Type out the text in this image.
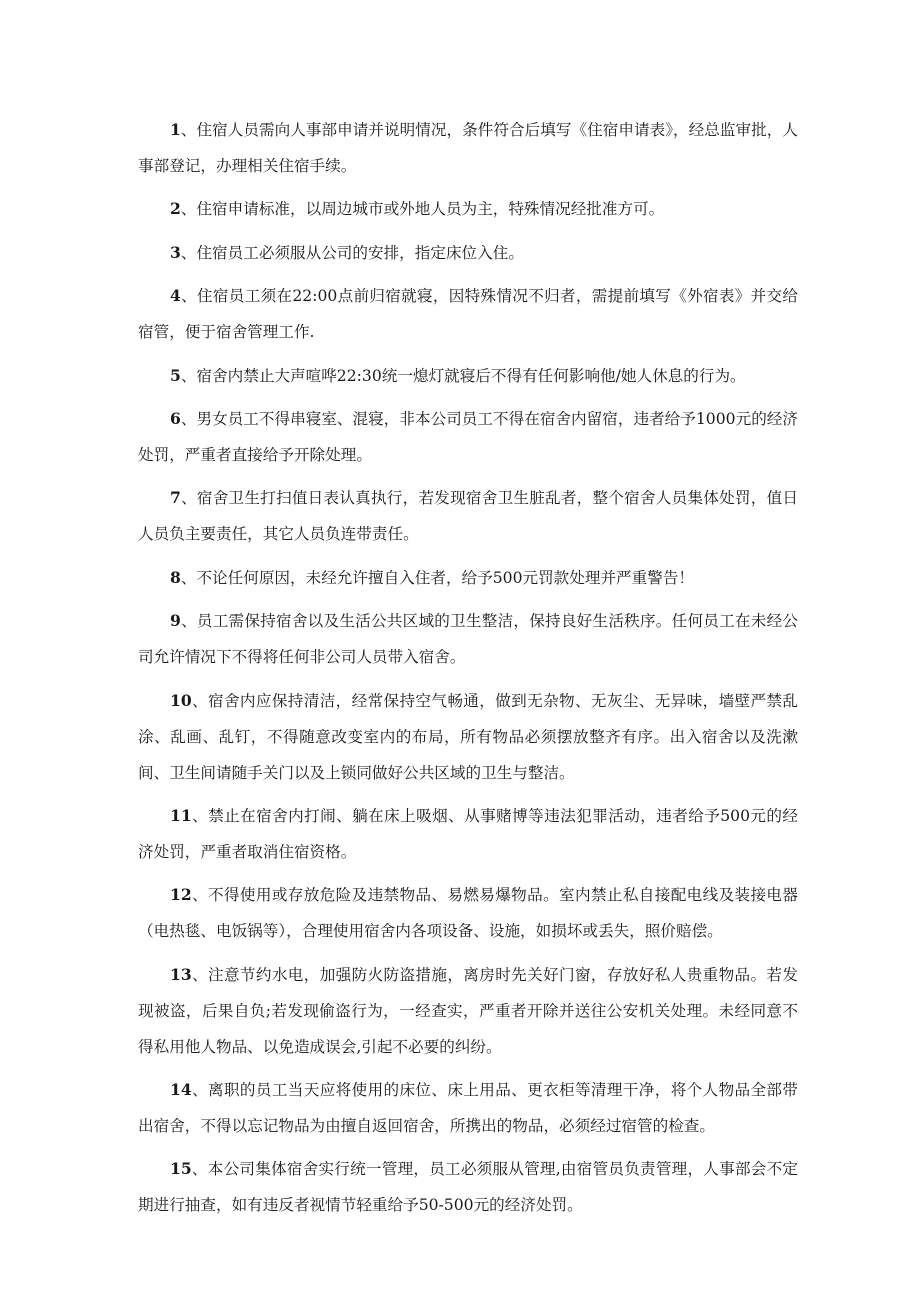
1、住宿人员需向人事部申请并说明情况，条件符合后填写《住宿申请表》，经总监审批，人事部登记，办理相关住宿手续。
2、住宿申请标准，以周边城市或外地人员为主，特殊情况经批准方可。
3、住宿员工必须服从公司的安排，指定床位入住。
4、住宿员工须在22:00点前归宿就寝，因特殊情况不归者，需提前填写《外宿表》并交给宿管，便于宿舍管理工作.
5、宿舍内禁止大声喧哗22:30统一熄灯就寝后不得有任何影响他/她人休息的行为。
6、男女员工不得串寝室、混寝，非本公司员工不得在宿舍内留宿，违者给予1000元的经济处罚，严重者直接给予开除处理。
7、宿舍卫生打扫值日表认真执行，若发现宿舍卫生脏乱者，整个宿舍人员集体处罚，值日人员负主要责任，其它人员负连带责任。
8、不论任何原因，未经允许擅自入住者，给予500元罚款处理并严重警告！
9、员工需保持宿舍以及生活公共区域的卫生整洁，保持良好生活秩序。任何员工在未经公司允许情况下不得将任何非公司人员带入宿舍。
10、宿舍内应保持清洁，经常保持空气畅通，做到无杂物、无灰尘、无异味，墙壁严禁乱涂、乱画、乱钉，不得随意改变室内的布局，所有物品必须摆放整齐有序。出入宿舍以及洗漱间、卫生间请随手关门以及上锁同做好公共区域的卫生与整洁。
11、禁止在宿舍内打闹、躺在床上吸烟、从事赌博等违法犯罪活动，违者给予500元的经济处罚，严重者取消住宿资格。
12、不得使用或存放危险及违禁物品、易燃易爆物品。室内禁止私自接配电线及装接电器（电热毯、电饭锅等），合理使用宿舍内各项设备、设施，如损坏或丢失，照价赔偿。
13、注意节约水电，加强防火防盗措施，离房时先关好门窗，存放好私人贵重物品。若发现被盗，后果自负;若发现偷盗行为，一经查实，严重者开除并送往公安机关处理。未经同意不得私用他人物品、以免造成误会,引起不必要的纠纷。
14、离职的员工当天应将使用的床位、床上用品、更衣柜等清理干净，将个人物品全部带出宿舍，不得以忘记物品为由擅自返回宿舍，所携出的物品，必须经过宿管的检查。
15、本公司集体宿舍实行统一管理，员工必须服从管理,由宿管员负责管理，人事部会不定期进行抽查，如有违反者视情节轻重给予50-500元的经济处罚。
